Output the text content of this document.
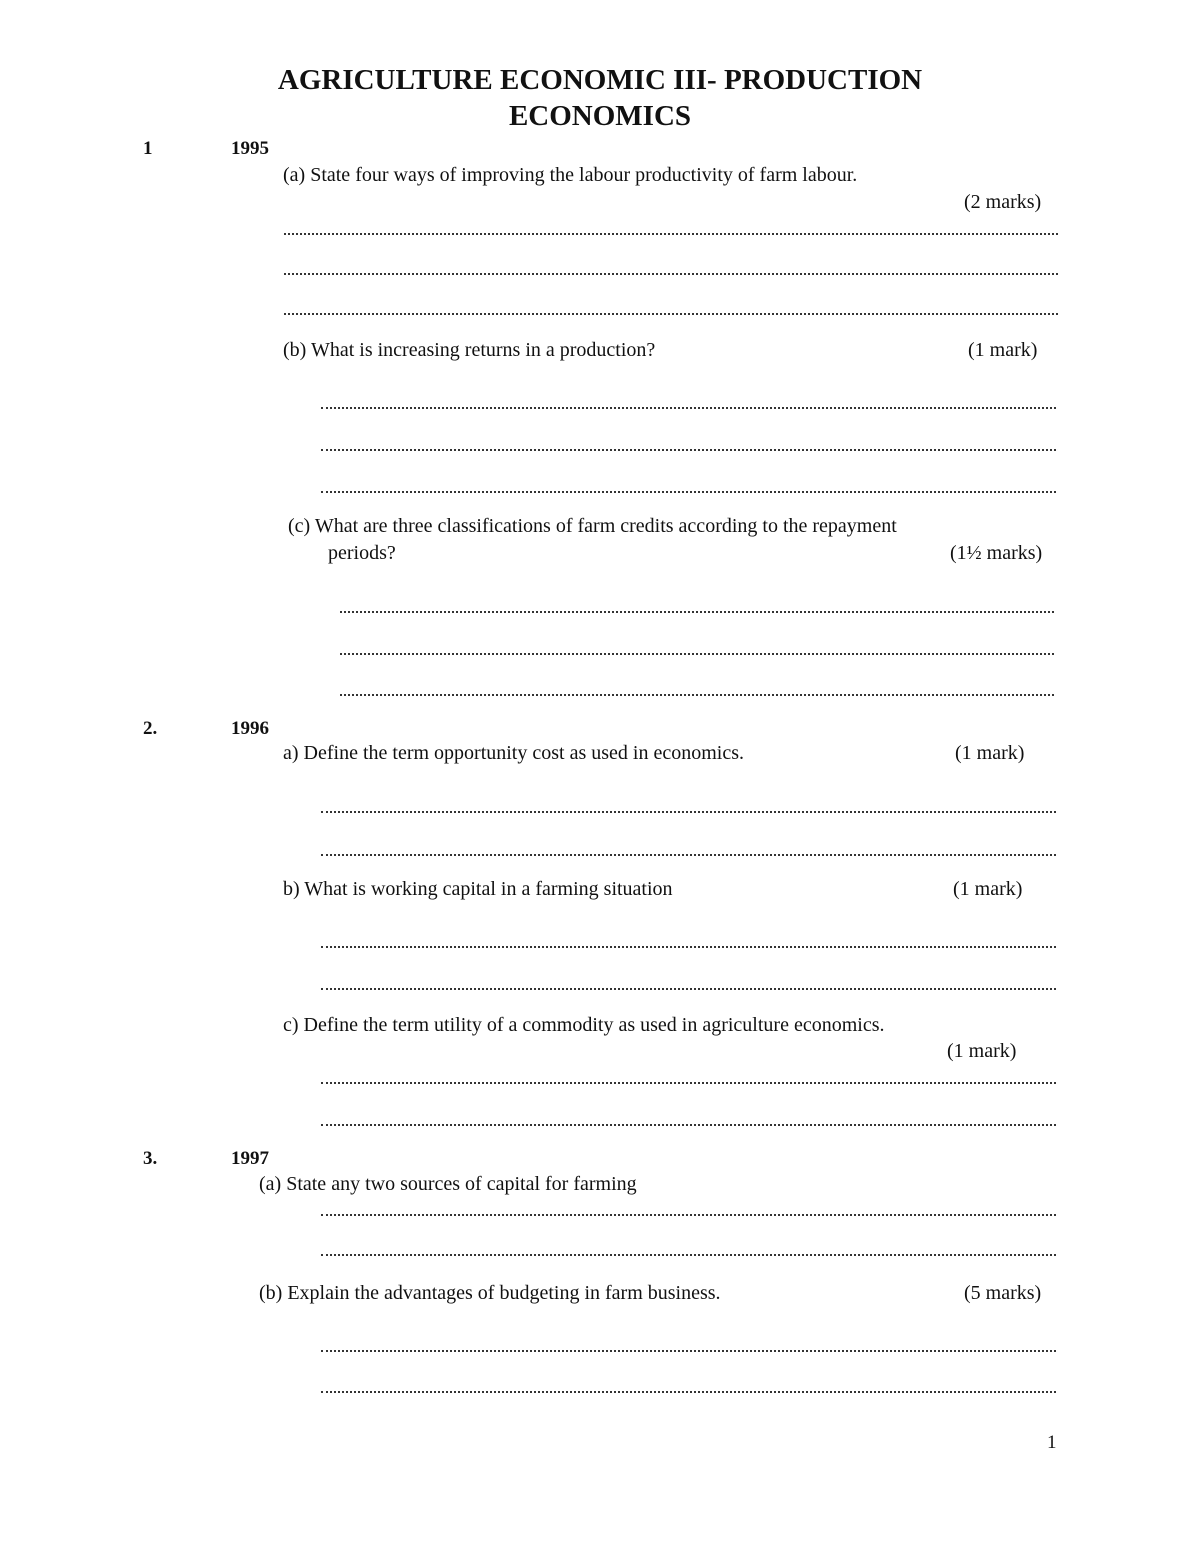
AGRICULTURE ECONOMIC III- PRODUCTION
ECONOMICS
1	1995
(a) State four ways of improving the labour productivity of farm labour.
(2 marks)
(b) What is increasing returns in a production?	(1 mark)
(c) What are three classifications of farm credits according to the repayment
periods?	(1½ marks)
2.	1996
a) Define the term opportunity cost as used in economics.	(1 mark)
b) What is working capital in a farming situation	(1 mark)
c) Define the term utility of a commodity as used in agriculture economics.
(1 mark)
3.	1997
(a) State any two sources of capital for farming
(b) Explain the advantages of budgeting in farm business.	(5 marks)
1
